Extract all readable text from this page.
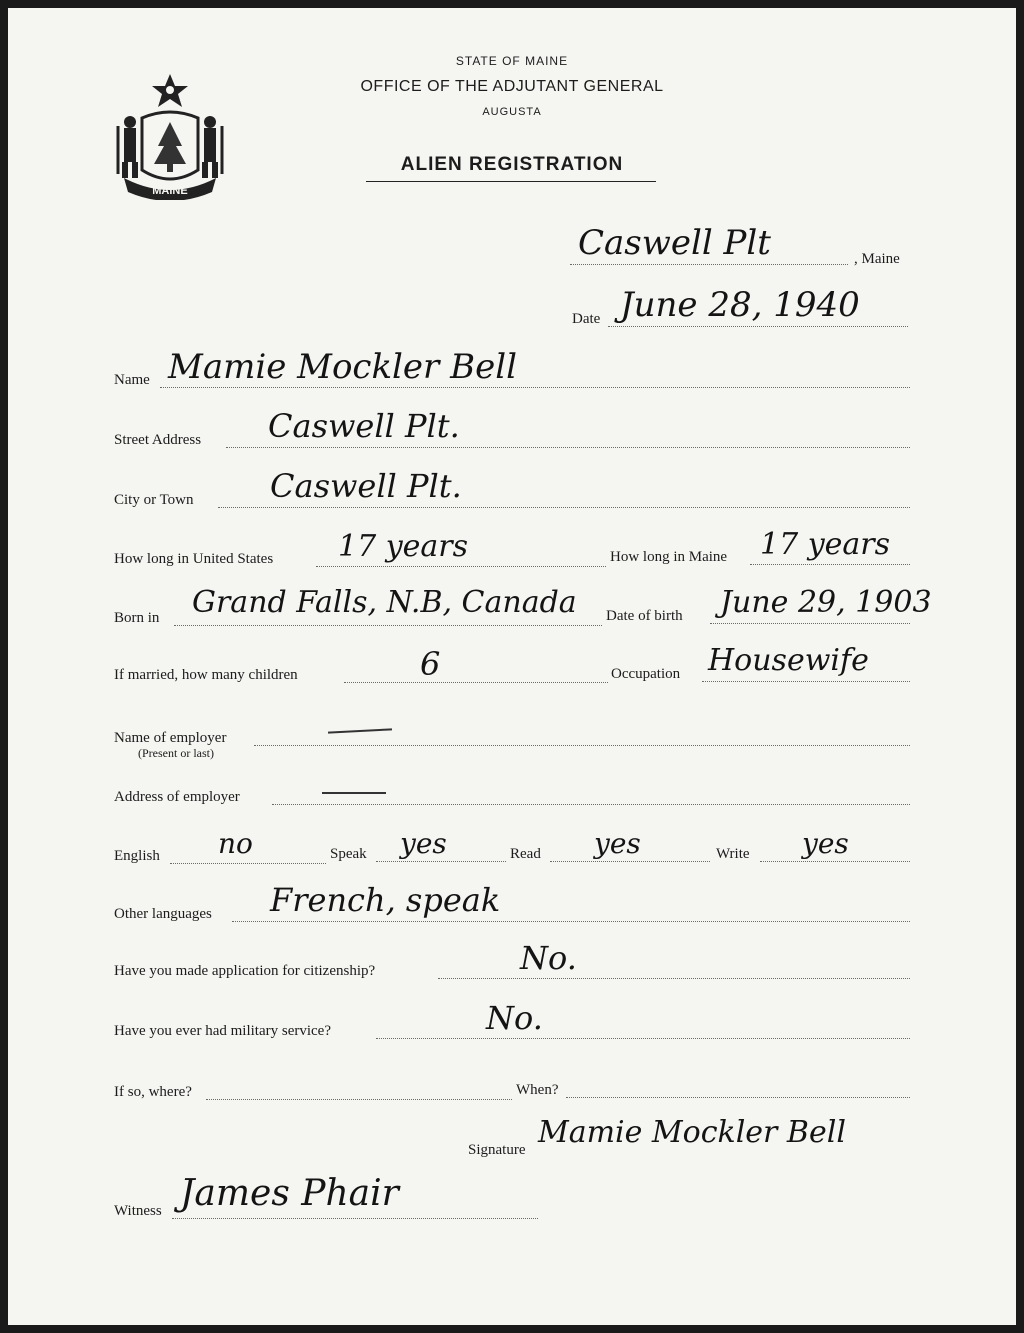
MAINE
STATE OF MAINE
OFFICE OF THE ADJUTANT GENERAL
AUGUSTA
ALIEN REGISTRATION
Caswell Plt	, Maine
Date June 28, 1940
Name Mamie Mockler Bell
Street Address Caswell Plt.
City or Town Caswell Plt.
How long in United States 17 years	How long in Maine 17 years
Born in Grand Falls, N.B, Canada Date of birth June 29, 1903
If married, how many children	6	Occupation Housewife
Name of employer
(Present or last)
Address of employer
English no	Speak yes	Read yes	Write yes
Other languages French, speak
Have you made application for citizenship?	No.
Have you ever had military service?	No.
If so, where?	When?
Signature Mamie Mockler Bell
Witness James Phair
